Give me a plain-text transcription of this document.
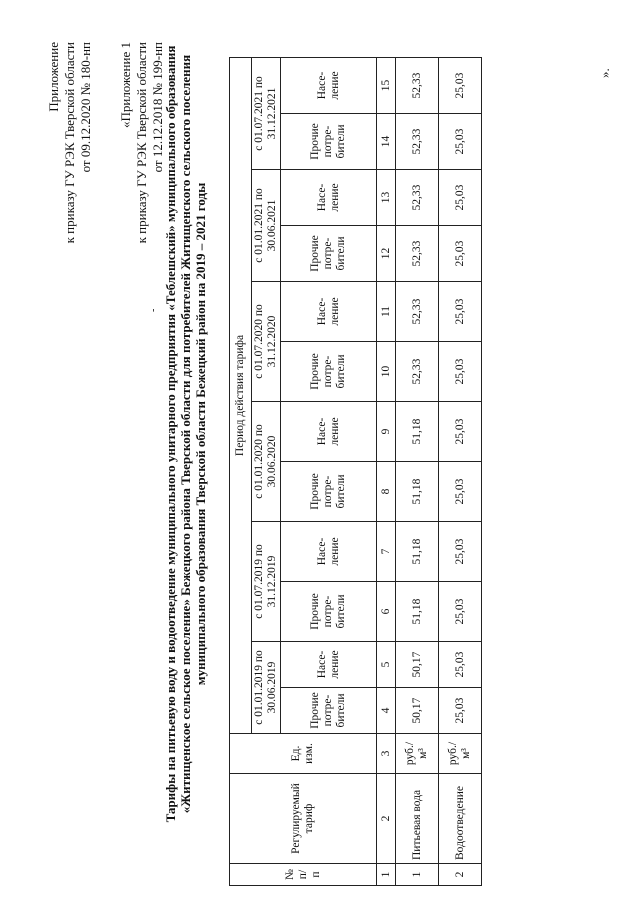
Приложение к приказу ГУ РЭК Тверской области от 09.12.2020 № 180-нп «Приложение 1 к приказу ГУ РЭК Тверской области от 12.12.2018 № 199-нп
- Тарифы на питьевую воду и водоотведение муниципального унитарного предприятия «Теблешский» муниципального образования «Житищенское сельское поселение» Бежецкого района Тверской области для потребителей Житищенского сельского поселения муниципального образования Тверской области Бежецкий район на 2019 – 2021 годы
№ п/п	Регулируемый тариф	Ед. изм.	Период действия тарифа											
			с 01.01.2019 по 30.06.2019		с 01.07.2019 по 31.12.2019		с 01.01.2020 по 30.06.2020		с 01.07.2020 по 31.12.2020		с 01.01.2021 по 30.06.2021		с 01.07.2021 по 31.12.2021	
			Прочие потре-бители	Насе-ление	Прочие потре-бители	Насе-ление	Прочие потре-бители	Насе-ление	Прочие потре-бители	Насе-ление	Прочие потре-бители	Насе-ление	Прочие потре-бители	Насе-ление
1	2	3	4	5	6	7	8	9	10	11	12	13	14	15
1	Питьевая вода	руб./м³	50,17	50,17	51,18	51,18	51,18	51,18	52,33	52,33	52,33	52,33	52,33	52,33
2	Водоотведение	руб./м³	25,03	25,03	25,03	25,03	25,03	25,03	25,03	25,03	25,03	25,03	25,03	25,03	».
